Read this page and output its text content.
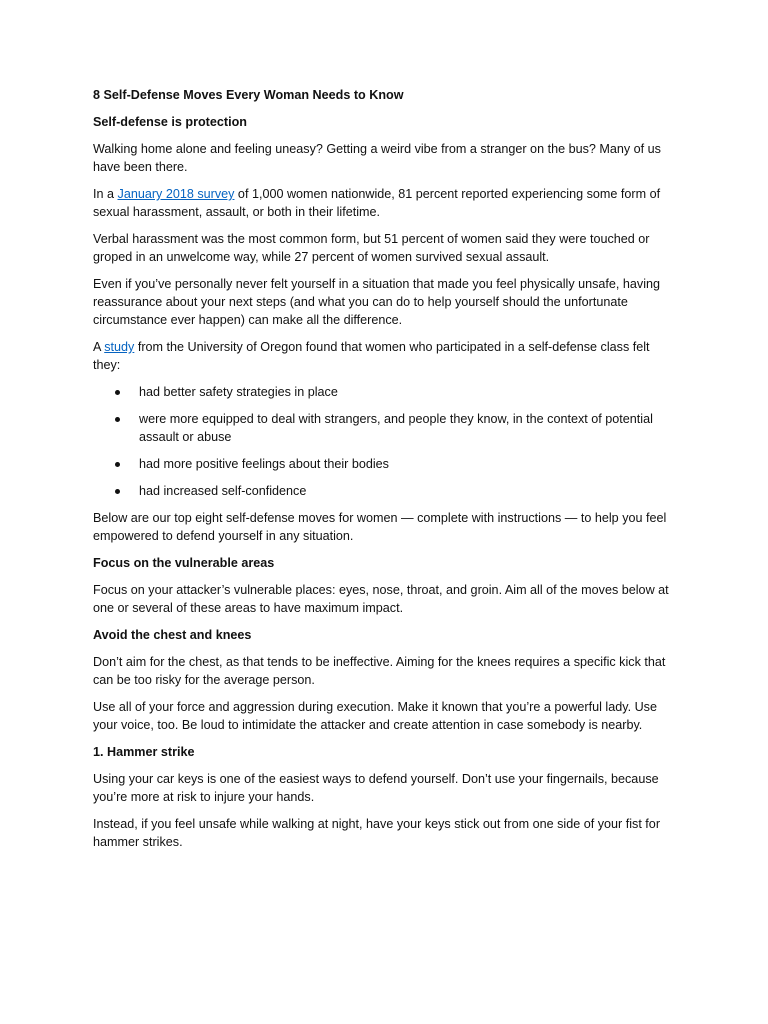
8 Self-Defense Moves Every Woman Needs to Know

Self-defense is protection

Walking home alone and feeling uneasy? Getting a weird vibe from a stranger on the bus? Many of us have been there.

In a January 2018 survey of 1,000 women nationwide, 81 percent reported experiencing some form of sexual harassment, assault, or both in their lifetime.

Verbal harassment was the most common form, but 51 percent of women said they were touched or groped in an unwelcome way, while 27 percent of women survived sexual assault.

Even if you’ve personally never felt yourself in a situation that made you feel physically unsafe, having reassurance about your next steps (and what you can do to help yourself should the unfortunate circumstance ever happen) can make all the difference.

A study from the University of Oregon found that women who participated in a self-defense class felt they:

had better safety strategies in place
were more equipped to deal with strangers, and people they know, in the context of potential assault or abuse
had more positive feelings about their bodies
had increased self-confidence

Below are our top eight self-defense moves for women — complete with instructions — to help you feel empowered to defend yourself in any situation.

Focus on the vulnerable areas

Focus on your attacker’s vulnerable places: eyes, nose, throat, and groin. Aim all of the moves below at one or several of these areas to have maximum impact.

Avoid the chest and knees

Don’t aim for the chest, as that tends to be ineffective. Aiming for the knees requires a specific kick that can be too risky for the average person.

Use all of your force and aggression during execution. Make it known that you’re a powerful lady. Use your voice, too. Be loud to intimidate the attacker and create attention in case somebody is nearby.

1. Hammer strike

Using your car keys is one of the easiest ways to defend yourself. Don’t use your fingernails, because you’re more at risk to injure your hands.

Instead, if you feel unsafe while walking at night, have your keys stick out from one side of your fist for hammer strikes.
